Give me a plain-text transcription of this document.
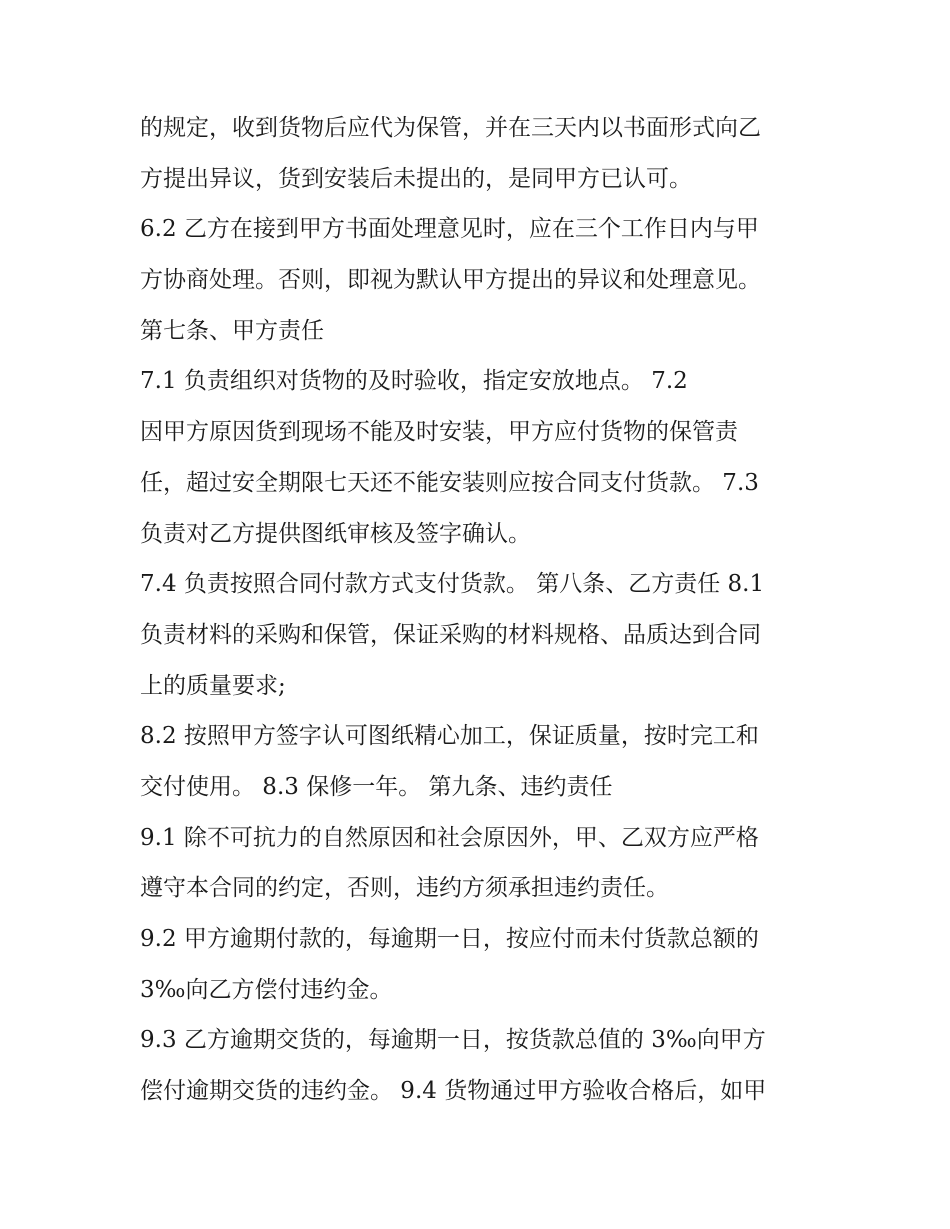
的规定，收到货物后应代为保管，并在三天内以书面形式向乙
方提出异议，货到安装后未提出的，是同甲方已认可。
6.2 乙方在接到甲方书面处理意见时，应在三个工作日内与甲
方协商处理。否则，即视为默认甲方提出的异议和处理意见。
第七条、甲方责任
7.1 负责组织对货物的及时验收，指定安放地点。 7.2
因甲方原因货到现场不能及时安装，甲方应付货物的保管责
任，超过安全期限七天还不能安装则应按合同支付货款。 7.3
负责对乙方提供图纸审核及签字确认。
7.4 负责按照合同付款方式支付货款。 第八条、乙方责任 8.1
负责材料的采购和保管，保证采购的材料规格、品质达到合同
上的质量要求;
8.2 按照甲方签字认可图纸精心加工，保证质量，按时完工和
交付使用。 8.3 保修一年。 第九条、违约责任
9.1 除不可抗力的自然原因和社会原因外，甲、乙双方应严格
遵守本合同的约定，否则，违约方须承担违约责任。
9.2 甲方逾期付款的，每逾期一日，按应付而未付货款总额的
3‰向乙方偿付违约金。
9.3 乙方逾期交货的，每逾期一日，按货款总值的 3‰向甲方
偿付逾期交货的违约金。 9.4 货物通过甲方验收合格后，如甲
